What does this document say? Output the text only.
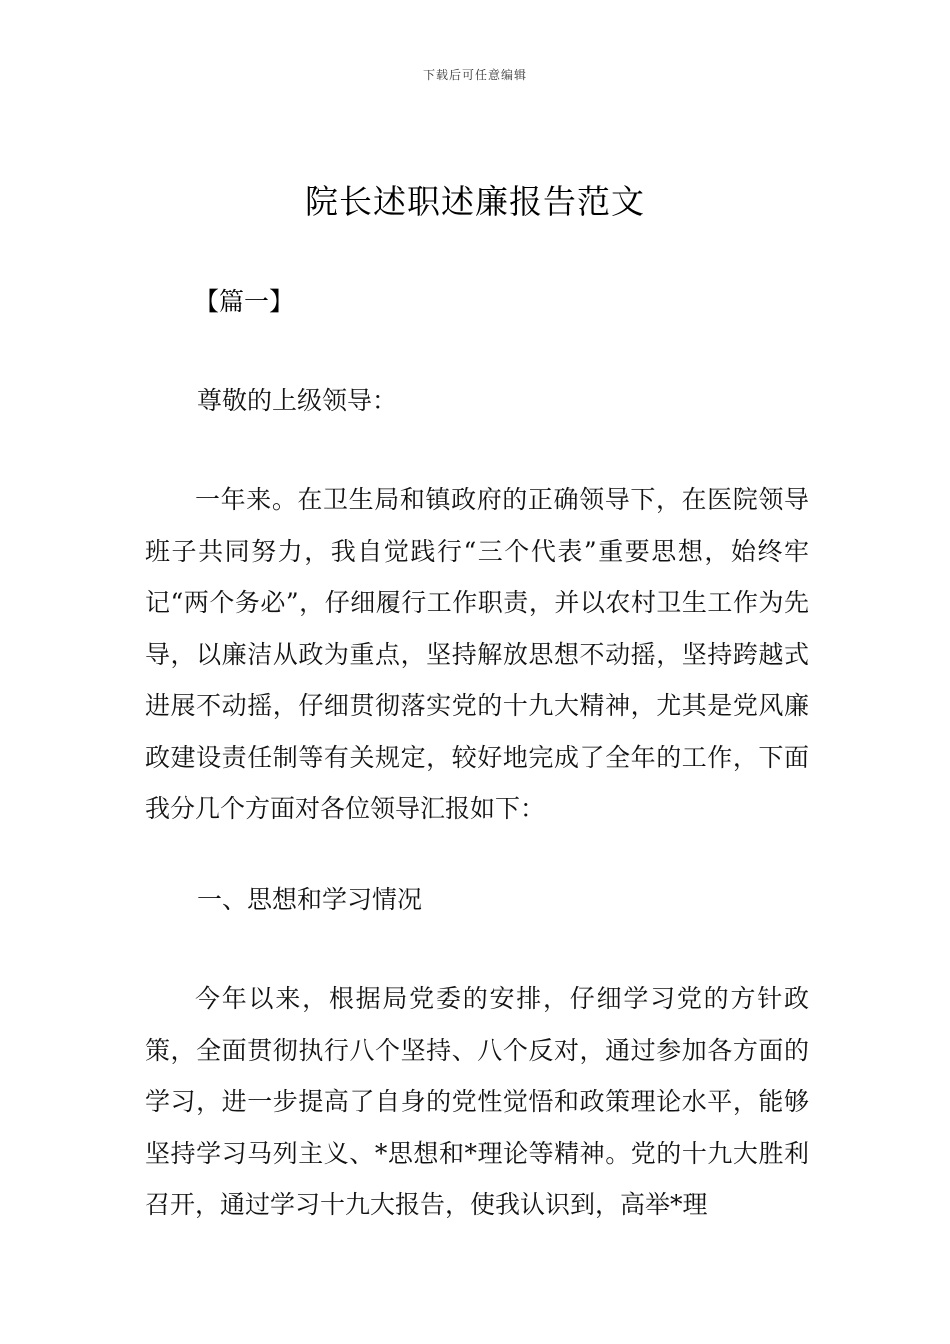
下载后可任意编辑
院长述职述廉报告范文
【篇一】
尊敬的上级领导：

一年来。在卫生局和镇政府的正确领导下，在医院领导班子共同努力，我自觉践行“三个代表”重要思想，始终牢记“两个务必”，仔细履行工作职责，并以农村卫生工作为先导，以廉洁从政为重点，坚持解放思想不动摇，坚持跨越式进展不动摇，仔细贯彻落实党的十九大精神，尤其是党风廉政建设责任制等有关规定，较好地完成了全年的工作，下面我分几个方面对各位领导汇报如下：

一、思想和学习情况

今年以来，根据局党委的安排，仔细学习党的方针政策，全面贯彻执行八个坚持、八个反对，通过参加各方面的学习，进一步提高了自身的党性觉悟和政策理论水平，能够坚持学习马列主义、*思想和*理论等精神。党的十九大胜利召开，通过学习十九大报告，使我认识到，高举*理
